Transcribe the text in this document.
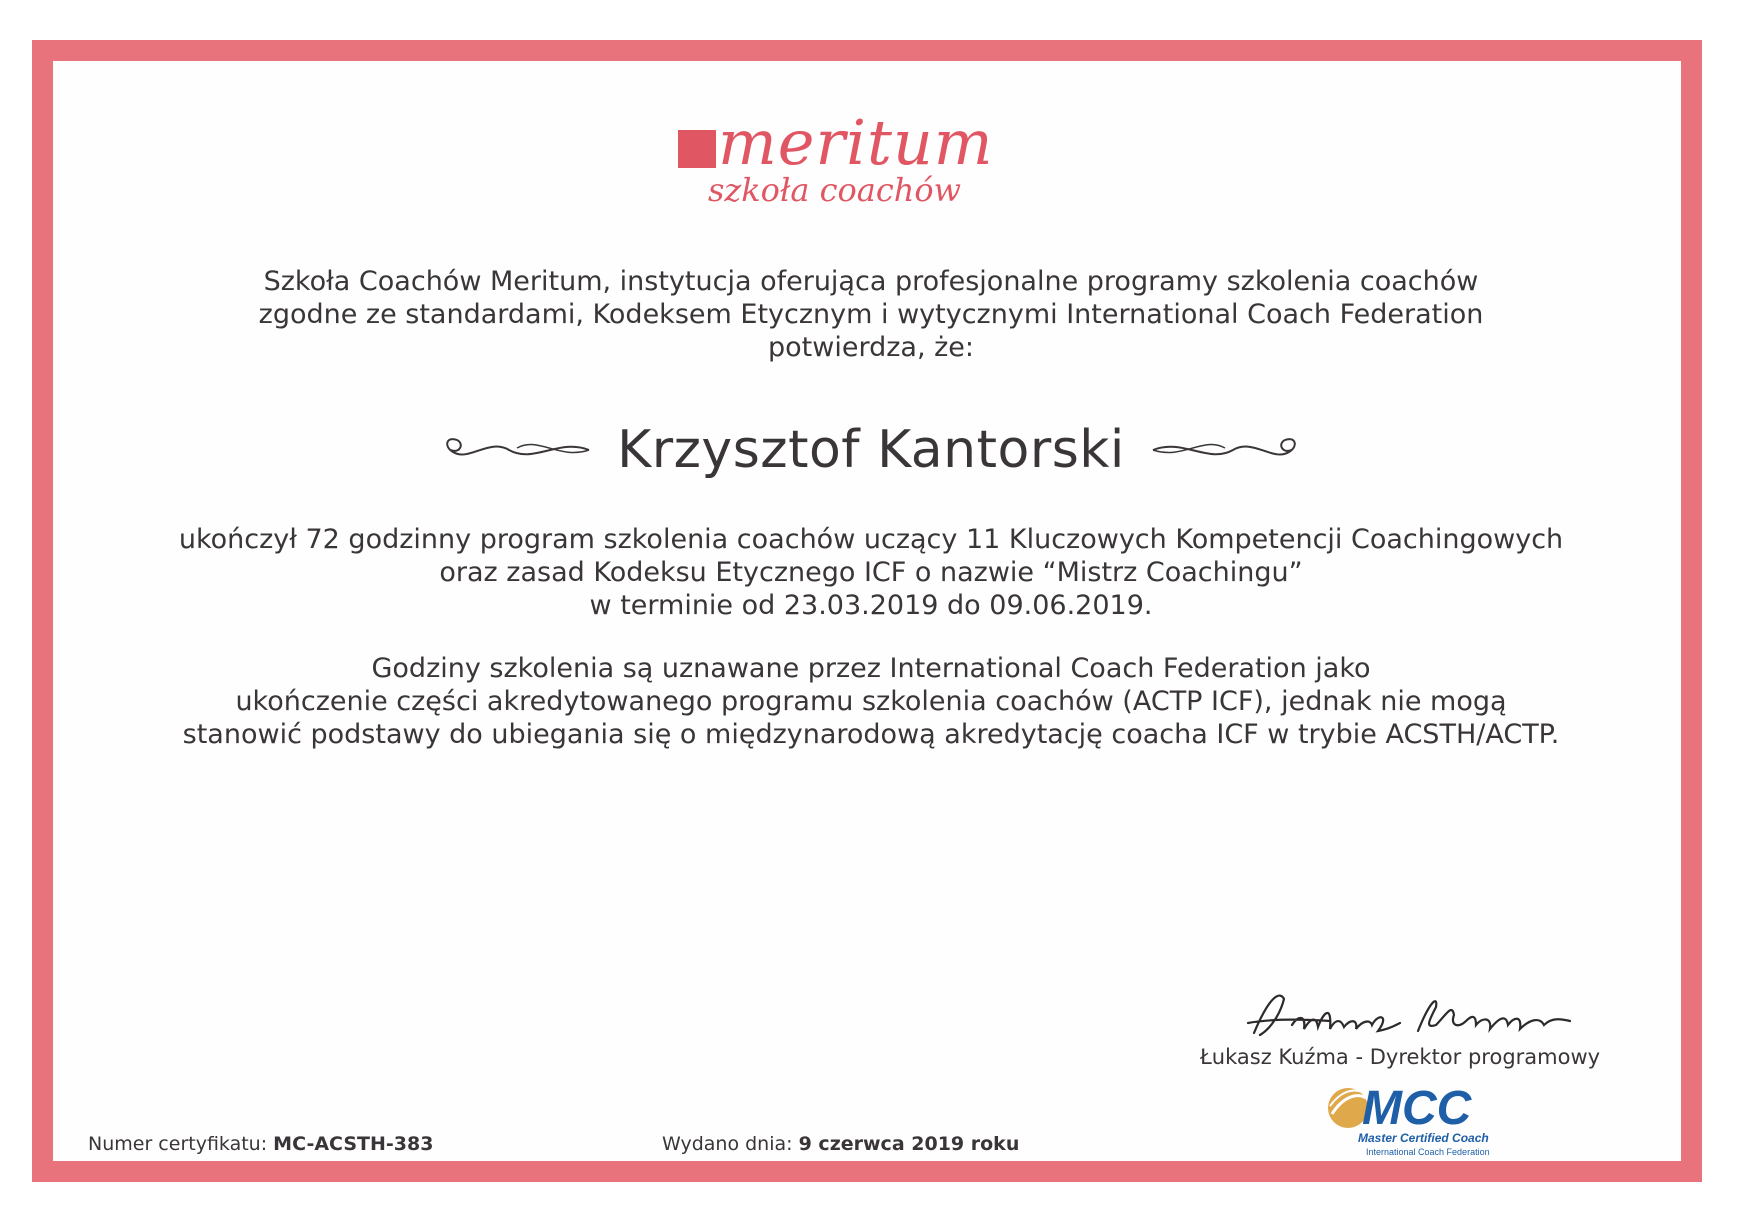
meritum
szkoła coachów
Szkoła Coachów Meritum, instytucja oferująca profesjonalne programy szkolenia coachów
zgodne ze standardami, Kodeksem Etycznym i wytycznymi International Coach Federation
potwierdza, że:
Krzysztof Kantorski
ukończył 72 godzinny program szkolenia coachów uczący 11 Kluczowych Kompetencji Coachingowych
oraz zasad Kodeksu Etycznego ICF o nazwie “Mistrz Coachingu”
w terminie od 23.03.2019 do 09.06.2019.
Godziny szkolenia są uznawane przez International Coach Federation jako
ukończenie części akredytowanego programu szkolenia coachów (ACTP ICF), jednak nie mogą
stanowić podstawy do ubiegania się o międzynarodową akredytację coacha ICF w trybie ACSTH/ACTP.
Łukasz Kuźma - Dyrektor programowy
MCC
Master Certified Coach
International Coach Federation
Numer certyfikatu: MC-ACSTH-383	Wydano dnia: 9 czerwca 2019 roku
